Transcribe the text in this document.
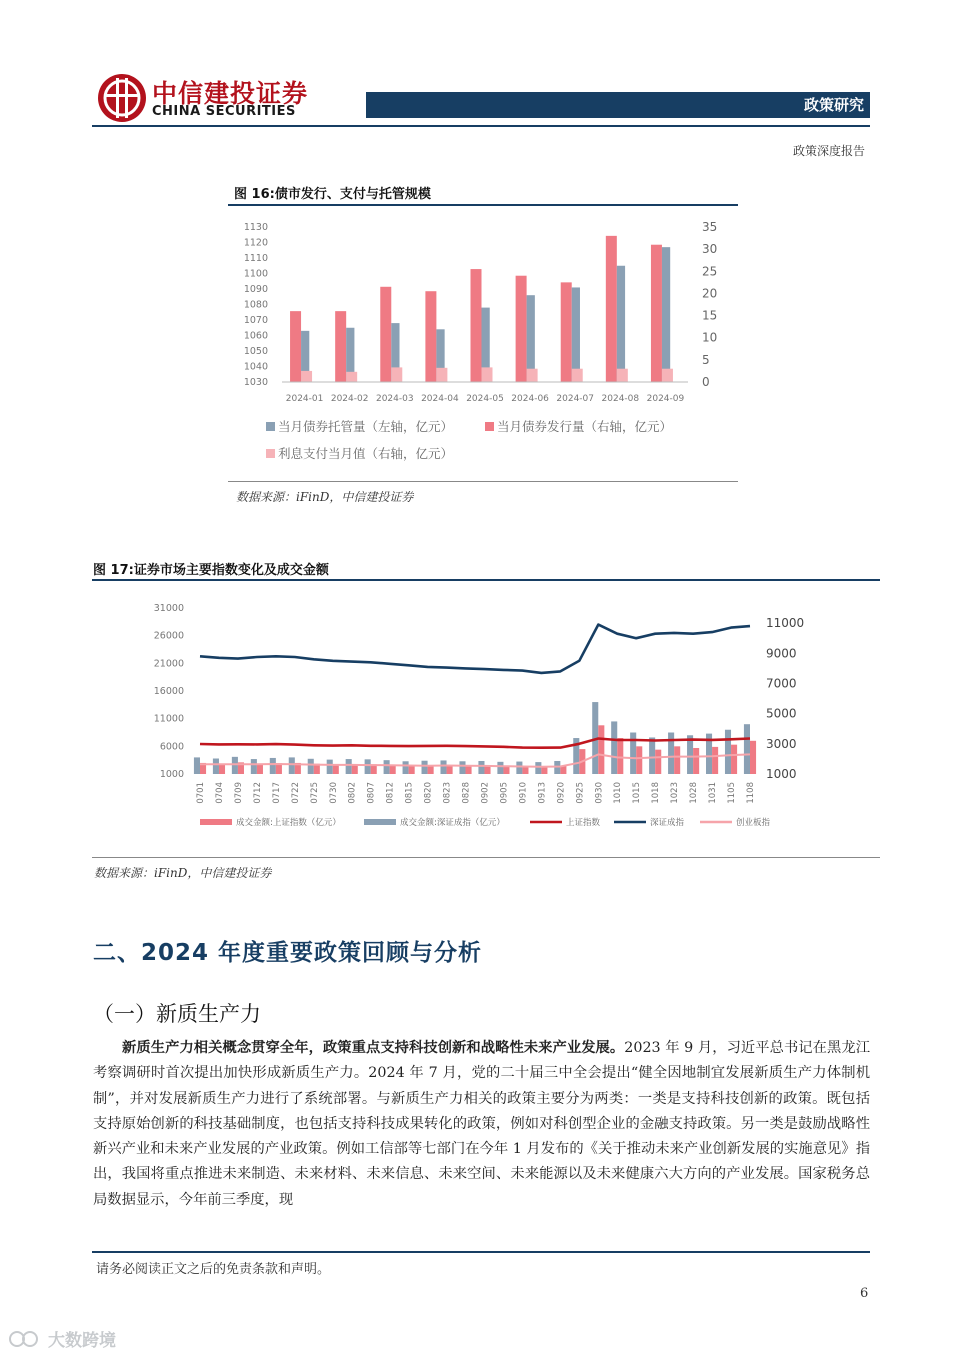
中信建投证券
CHINA SECURITIES	政策研究
政策深度报告
图 16:债市发行、支付与托管规模
1130
1120
1110
1100
1090
1080
1070
1060
1050
1040
1030
35
30
25
20
15
10
5
0
2024-01 2024-02 2024-03 2024-04 2024-05 2024-06 2024-07 2024-08 2024-09
当月债券托管量（左轴，亿元）	当月债券发行量（右轴，亿元）
利息支付当月值（右轴，亿元）
数据来源：iFinD，中信建投证券
图 17:证券市场主要指数变化及成交金额
31000
26000
21000
16000
11000
6000
1000
11000
9000
7000
5000
3000
1000
0701 0704 0709 0712 0717 0722 0725 0730 0802 0807 0812 0815 0820 0823 0828 0902 0905 0910 0913 0920 0925 0930 1010 1015 1018 1023 1028 1031 1105 1108
成交金额:上证指数（亿元）	成交金额:深证成指（亿元）	上证指数	深证成指	创业板指
数据来源：iFinD，中信建投证券
二、2024 年度重要政策回顾与分析
（一）新质生产力
新质生产力相关概念贯穿全年，政策重点支持科技创新和战略性未来产业发展。2023 年 9 月，习近平总书记在黑龙江考察调研时首次提出加快形成新质生产力。2024 年 7 月，党的二十届三中全会提出“健全因地制宜发展新质生产力体制机制”，并对发展新质生产力进行了系统部署。与新质生产力相关的政策主要分为两类：一类是支持科技创新的政策。既包括支持原始创新的科技基础制度，也包括支持科技成果转化的政策，例如对科创型企业的金融支持政策。另一类是鼓励战略性新兴产业和未来产业发展的产业政策。例如工信部等七部门在今年 1 月发布的《关于推动未来产业创新发展的实施意见》指出，我国将重点推进未来制造、未来材料、未来信息、未来空间、未来能源以及未来健康六大方向的产业发展。国家税务总局数据显示，今年前三季度，现
请务必阅读正文之后的免责条款和声明。
6
大数跨境
